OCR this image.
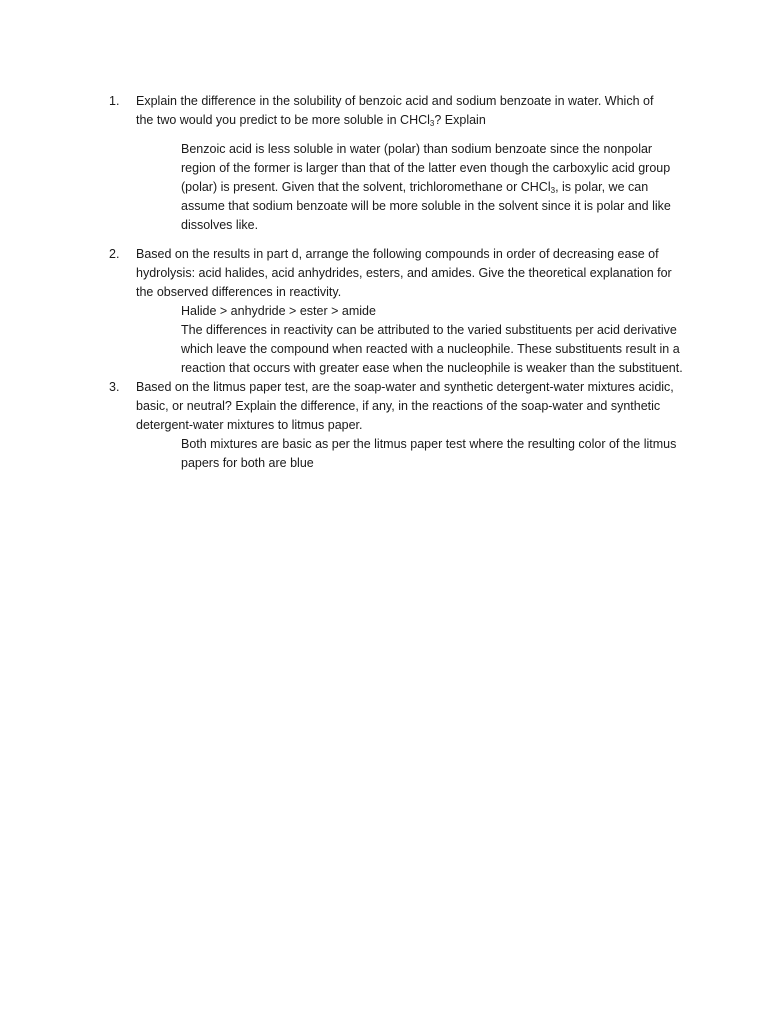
1.	Explain the difference in the solubility of benzoic acid and sodium benzoate in water. Which of the two would you predict to be more soluble in CHCl$_3$? Explain
Benzoic acid is less soluble in water (polar) than sodium benzoate since the nonpolar region of the former is larger than that of the latter even though the carboxylic acid group (polar) is present. Given that the solvent, trichloromethane or CHCl$_3$, is polar, we can assume that sodium benzoate will be more soluble in the solvent since it is polar and like dissolves like.
2.	Based on the results in part d, arrange the following compounds in order of decreasing ease of hydrolysis: acid halides, acid anhydrides, esters, and amides. Give the theoretical explanation for the observed differences in reactivity.
Halide > anhydride > ester > amide
The differences in reactivity can be attributed to the varied substituents per acid derivative which leave the compound when reacted with a nucleophile. These substituents result in a reaction that occurs with greater ease when the nucleophile is weaker than the substituent.
3.	Based on the litmus paper test, are the soap-water and synthetic detergent-water mixtures acidic, basic, or neutral? Explain the difference, if any, in the reactions of the soap-water and synthetic detergent-water mixtures to litmus paper.
Both mixtures are basic as per the litmus paper test where the resulting color of the litmus papers for both are blue
